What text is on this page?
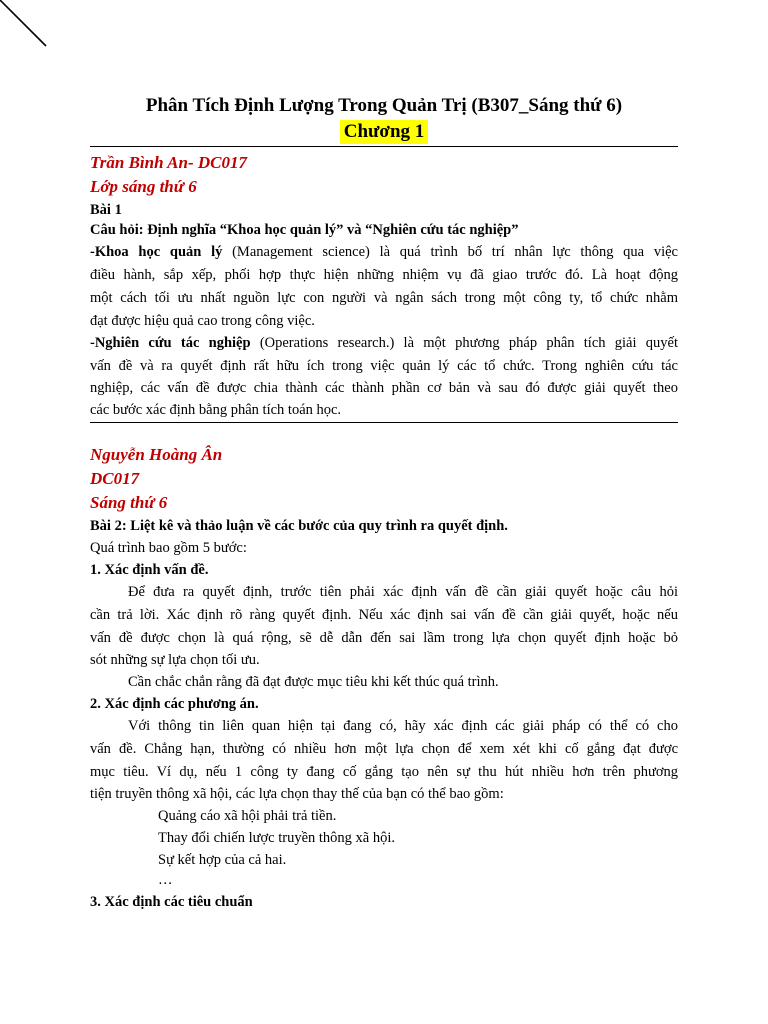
Phân Tích Định Lượng Trong Quản Trị (B307_Sáng thứ 6)
Chương 1
Trần Bình An- DC017
Lớp sáng thứ 6
Bài 1
Câu hỏi: Định nghĩa “Khoa học quản lý” và “Nghiên cứu tác nghiệp”
-Khoa học quản lý (Management science) là quá trình bố trí nhân lực thông qua việc
điều hành, sắp xếp, phối hợp thực hiện những nhiệm vụ đã giao trước đó. Là hoạt động
một cách tối ưu nhất nguồn lực con người và ngân sách trong một công ty, tổ chức nhằm
đạt được hiệu quả cao trong công việc.
-Nghiên cứu tác nghiệp (Operations research.) là một phương pháp phân tích giải quyết
vấn đề và ra quyết định rất hữu ích trong việc quản lý các tổ chức. Trong nghiên cứu tác
nghiệp, các vấn đề được chia thành các thành phần cơ bản và sau đó được giải quyết theo
các bước xác định bằng phân tích toán học.
Nguyễn Hoàng Ân
DC017
Sáng thứ 6
Bài 2: Liệt kê và thảo luận về các bước của quy trình ra quyết định.
Quá trình bao gồm 5 bước:
1. Xác định vấn đề.
Để đưa ra quyết định, trước tiên phải xác định vấn đề cần giải quyết hoặc câu hỏi
cần trả lời. Xác định rõ ràng quyết định. Nếu xác định sai vấn đề cần giải quyết, hoặc nếu
vấn đề được chọn là quá rộng, sẽ dễ dẫn đến sai lầm trong lựa chọn quyết định hoặc bỏ
sót những sự lựa chọn tối ưu.
Cần chắc chắn rằng đã đạt được mục tiêu khi kết thúc quá trình.
2. Xác định các phương án.
Với thông tin liên quan hiện tại đang có, hãy xác định các giải pháp có thể có cho
vấn đề. Chẳng hạn, thường có nhiều hơn một lựa chọn để xem xét khi cố gắng đạt được
mục tiêu. Ví dụ, nếu 1 công ty đang cố gắng tạo nên sự thu hút nhiều hơn trên phương
tiện truyền thông xã hội, các lựa chọn thay thế của bạn có thể bao gồm:
Quảng cáo xã hội phải trả tiền.
Thay đổi chiến lược truyền thông xã hội.
Sự kết hợp của cả hai.
…
3. Xác định các tiêu chuẩn
